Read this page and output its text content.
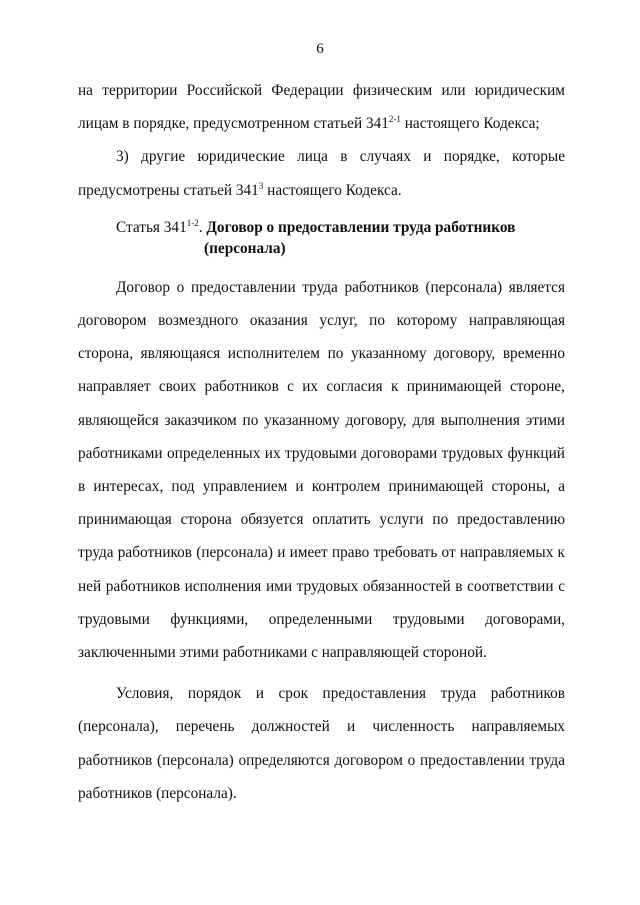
6

на территории Российской Федерации физическим или юридическим
лицам в порядке, предусмотренном статьей 341$^{2-1}$ настоящего Кодекса;

3) другие юридические лица в случаях и порядке, которые
предусмотрены статьей $341^3$ настоящего Кодекса.

Статья 341$^{1-2}$. Договор о предоставлении труда работников
(персонала)

Договор о предоставлении труда работников (персонала) является
договором возмездного оказания услуг, по которому направляющая
сторона, являющаяся исполнителем по указанному договору, временно
направляет своих работников с их согласия к принимающей стороне,
являющейся заказчиком по указанному договору, для выполнения этими
работниками определенных их трудовыми договорами трудовых функций
в интересах, под управлением и контролем принимающей стороны, а
принимающая сторона обязуется оплатить услуги по предоставлению
труда работников (персонала) и имеет право требовать от направляемых к
ней работников исполнения ими трудовых обязанностей в соответствии с
трудовыми функциями, определенными трудовыми договорами,
заключенными этими работниками с направляющей стороной.

Условия, порядок и срок предоставления труда работников
(персонала), перечень должностей и численность направляемых
работников (персонала) определяются договором о предоставлении труда
работников (персонала).
